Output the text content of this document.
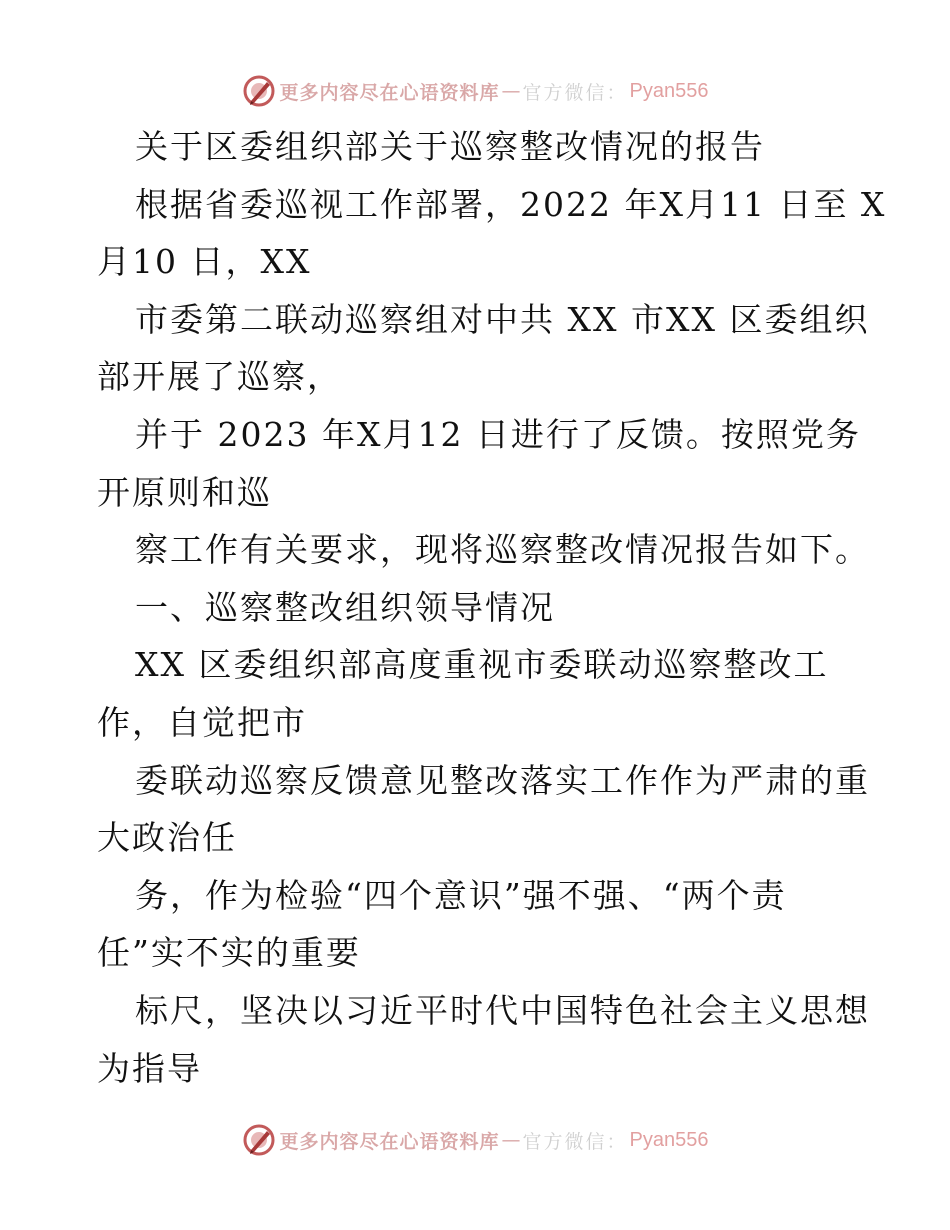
更多内容尽在心语资料库 — 官方微信： Pyan556
关于区委组织部关于巡察整改情况的报告
根据省委巡视工作部署，2022 年X月11 日至 X
月10 日，XX
市委第二联动巡察组对中共 XX 市XX 区委组织
部开展了巡察，
并于 2023 年X月12 日进行了反馈。按照党务
开原则和巡
察工作有关要求，现将巡察整改情况报告如下。
一、巡察整改组织领导情况
XX 区委组织部高度重视市委联动巡察整改工
作，自觉把市
委联动巡察反馈意见整改落实工作作为严肃的重
大政治任
务，作为检验“四个意识”强不强、“两个责
任”实不实的重要
标尺，坚决以习近平时代中国特色社会主义思想
为指导
更多内容尽在心语资料库 — 官方微信： Pyan556
